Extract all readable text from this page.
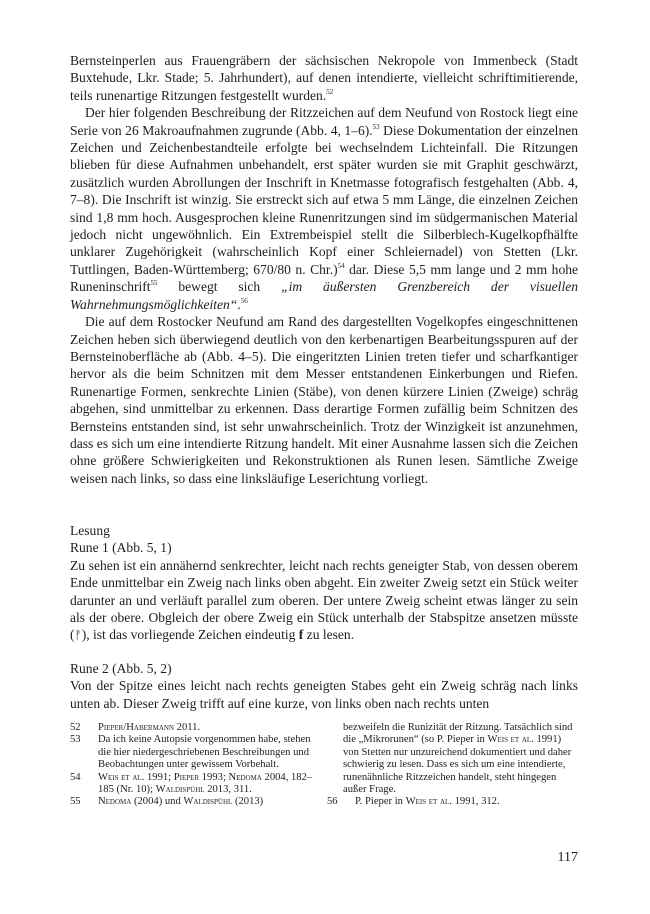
Bernsteinperlen aus Frauengräbern der sächsischen Nekropole von Immenbeck (Stadt Buxtehude, Lkr. Stade; 5. Jahrhundert), auf denen intendierte, vielleicht schriftimitierende, teils runenartige Ritzungen festgestellt wurden.$^{52}$

Der hier folgenden Beschreibung der Ritzzeichen auf dem Neufund von Rostock liegt eine Serie von 26 Makroaufnahmen zugrunde (Abb. 4, 1–6).$^{53}$ Diese Dokumentation der einzelnen Zeichen und Zeichenbestandteile erfolgte bei wechselndem Lichteinfall. Die Ritzungen blieben für diese Aufnahmen unbehandelt, erst später wurden sie mit Graphit geschwärzt, zusätzlich wurden Abrollungen der Inschrift in Knetmasse fotografisch festgehalten (Abb. 4, 7–8). Die Inschrift ist winzig. Sie erstreckt sich auf etwa 5 mm Länge, die einzelnen Zeichen sind 1,8 mm hoch. Ausgesprochen kleine Runenritzungen sind im südgermanischen Material jedoch nicht ungewöhnlich. Ein Extrembeispiel stellt die Silberblech-Kugelkopfhälfte unklarer Zugehörigkeit (wahrscheinlich Kopf einer Schleiernadel) von Stetten (Lkr. Tuttlingen, Baden-Württemberg; 670/80 n. Chr.)$^{54}$ dar. Diese 5,5 mm lange und 2 mm hohe Runeninschrift$^{55}$ bewegt sich „im äußersten Grenzbereich der visuellen Wahrnehmungsmöglichkeiten“.$^{56}$

Die auf dem Rostocker Neufund am Rand des dargestellten Vogelkopfes eingeschnittenen Zeichen heben sich überwiegend deutlich von den kerbenartigen Bearbeitungsspuren auf der Bernsteinoberfläche ab (Abb. 4–5). Die eingeritzten Linien treten tiefer und scharfkantiger hervor als die beim Schnitzen mit dem Messer entstandenen Einkerbungen und Riefen. Runenartige Formen, senkrechte Linien (Stäbe), von denen kürzere Linien (Zweige) schräg abgehen, sind unmittelbar zu erkennen. Dass derartige Formen zufällig beim Schnitzen des Bernsteins entstanden sind, ist sehr unwahrscheinlich. Trotz der Winzigkeit ist anzunehmen, dass es sich um eine intendierte Ritzung handelt. Mit einer Ausnahme lassen sich die Zeichen ohne größere Schwierigkeiten und Rekonstruktionen als Runen lesen. Sämtliche Zweige weisen nach links, so dass eine linksläufige Leserichtung vorliegt.

Lesung
Rune 1 (Abb. 5, 1)

Zu sehen ist ein annähernd senkrechter, leicht nach rechts geneigter Stab, von dessen oberem Ende unmittelbar ein Zweig nach links oben abgeht. Ein zweiter Zweig setzt ein Stück weiter darunter an und verläuft parallel zum oberen. Der untere Zweig scheint etwas länger zu sein als der obere. Obgleich der obere Zweig ein Stück unterhalb der Stabspitze ansetzen müsste (ᚠ), ist das vorliegende Zeichen eindeutig f zu lesen.

Rune 2 (Abb. 5, 2)

Von der Spitze eines leicht nach rechts geneigten Stabes geht ein Zweig schräg nach links unten ab. Dieser Zweig trifft auf eine kurze, von links oben nach rechts unten

52	Pieper/Habermann 2011.
53	Da ich keine Autopsie vorgenommen habe, stehen die hier niedergeschriebenen Beschreibungen und Beobachtungen unter gewissem Vorbehalt.
54	Weis et al. 1991; Pieper 1993; Nedoma 2004, 182–185 (Nr. 10); Waldispühl 2013, 311.
55	Nedoma (2004) und Waldispühl (2013)
bezweifeln die Runizität der Ritzung. Tatsächlich sind die „Mikrorunen“ (so P. Pieper in Weis et al. 1991) von Stetten nur unzureichend dokumentiert und daher schwierig zu lesen. Dass es sich um eine intendierte, runenähnliche Ritzzeichen handelt, steht hingegen außer Frage.
56	P. Pieper in Weis et al. 1991, 312.
117
